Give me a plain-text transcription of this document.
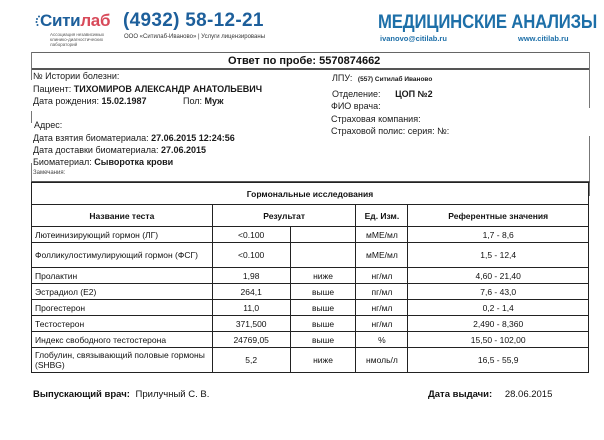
Ситилаб
Ассоциация независимых клинико-диагностических лабораторий
(4932) 58-12-21
ООО «Ситилаб-Иваново» | Услуги лицензированы
МЕДИЦИНСКИЕ АНАЛИЗЫ
ivanovo@citilab.ru	www.citilab.ru
Ответ по пробе: 5570874662
№ Истории болезни:
Пациент: ТИХОМИРОВ АЛЕКСАНДР АНАТОЛЬЕВИЧ
Дата рождения: 15.02.1987	Пол: Муж
Адрес:
Дата взятия биоматериала: 27.06.2015 12:24:56
Дата доставки биоматериала: 27.06.2015
Биоматериал: Сыворотка крови
Замечания:
ЛПУ: (557) Ситилаб Иваново
Отделение: ЦОП №2
ФИО врача:
Страховая компания:
Страховой полис: серия: №:
Гормональные исследования				
Название теста	Результат		Ед. Изм.	Референтные значения
Лютеинизирующий гормон (ЛГ)	<0.100		мМЕ/мл	1,7 - 8,6
Фолликулостимулирующий гормон (ФСГ)	<0.100		мМЕ/мл	1,5 - 12,4
Пролактин	1,98	ниже	нг/мл	4,60 - 21,40
Эстрадиол (Е2)	264,1	выше	пг/мл	7,6 - 43,0
Прогестерон	11,0	выше	нг/мл	0,2 - 1,4
Тестостерон	371,500	выше	нг/мл	2,490 - 8,360
Индекс свободного тестостерона	24769,05	выше	%	15,50 - 102,00
Глобулин, связывающий половые гормоны (SHBG)	5,2	ниже	нмоль/л	16,5 - 55,9
Выпускающий врач: Прилучный С. В.	Дата выдачи: 28.06.2015
